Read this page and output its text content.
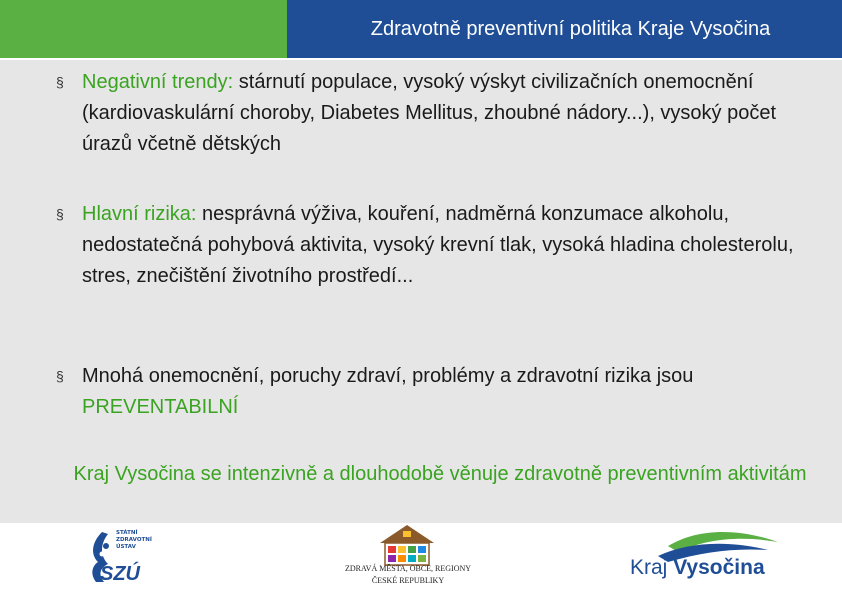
Zdravotně preventivní politika Kraje Vysočina
§ Negativní trendy: stárnutí populace, vysoký výskyt civilizačních onemocnění (kardiovaskulární choroby, Diabetes Mellitus, zhoubné nádory...), vysoký počet úrazů včetně dětských
§ Hlavní rizika: nesprávná výživa, kouření, nadměrná konzumace alkoholu, nedostatečná pohybová aktivita, vysoký krevní tlak, vysoká hladina cholesterolu, stres, znečištění životního prostředí...
§ Mnohá onemocnění, poruchy zdraví, problémy a zdravotní rizika jsou PREVENTABILNÍ
Kraj Vysočina se intenzivně a dlouhodobě věnuje zdravotně preventivním aktivitám
STÁTNÍ
ZDRAVOTNÍ
ÚSTAV
SZÚ	ZDRAVÁ MĚSTA, OBCE, REGIONY
ČESKÉ REPUBLIKY
Kraj Vysočina
